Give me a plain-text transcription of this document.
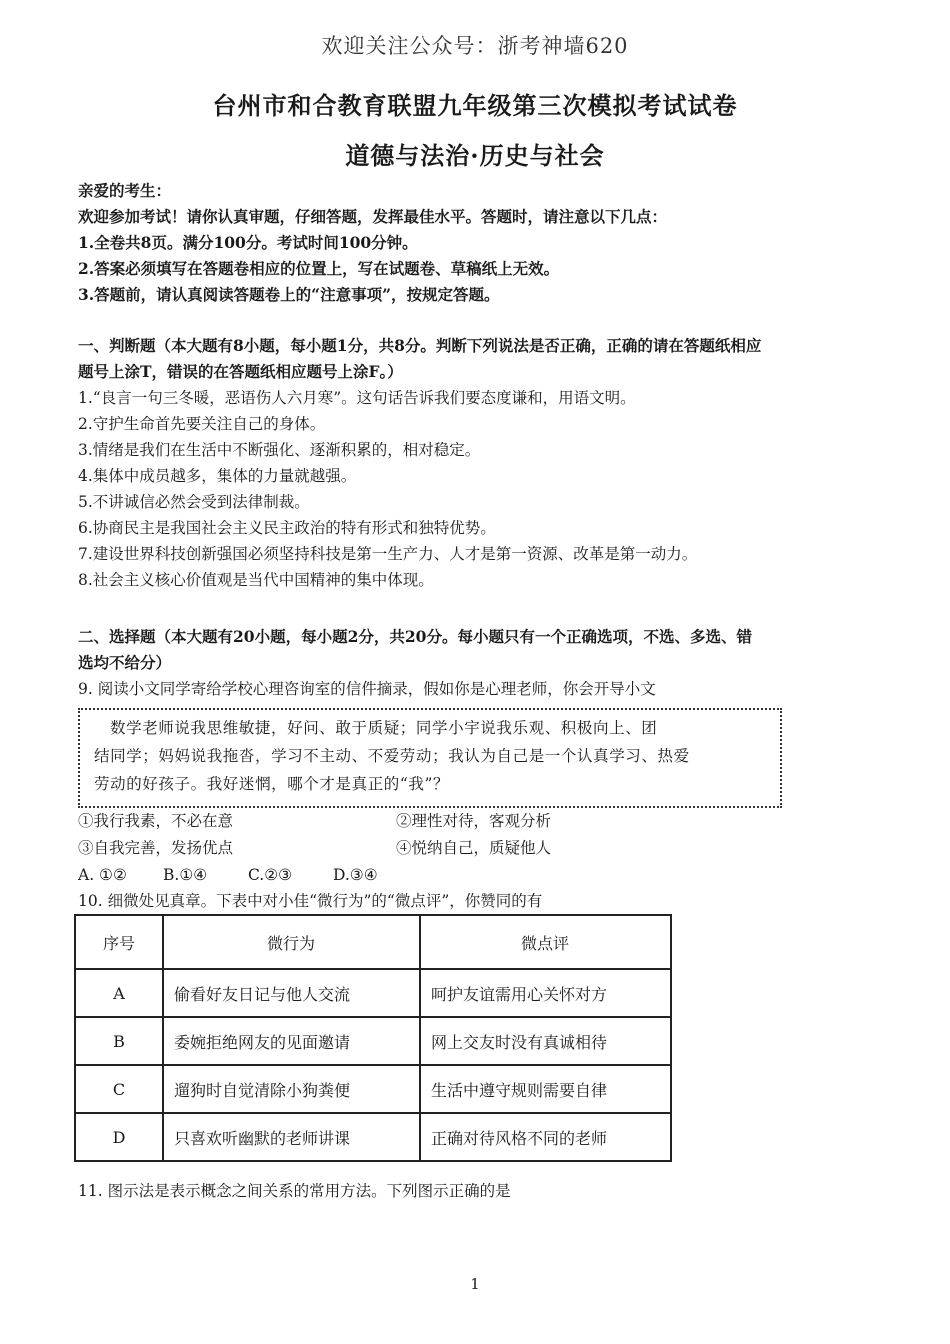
欢迎关注公众号：浙考神墙620
台州市和合教育联盟九年级第三次模拟考试试卷
道德与法治·历史与社会
亲爱的考生：
欢迎参加考试！请你认真审题，仔细答题，发挥最佳水平。答题时，请注意以下几点：
1.全卷共8页。满分100分。考试时间100分钟。
2.答案必须填写在答题卷相应的位置上，写在试题卷、草稿纸上无效。
3.答题前，请认真阅读答题卷上的“注意事项”，按规定答题。
一、判断题（本大题有8小题，每小题1分，共8分。判断下列说法是否正确，正确的请在答题纸相应
题号上涂T，错误的在答题纸相应题号上涂F。）
1.“良言一句三冬暖，恶语伤人六月寒”。这句话告诉我们要态度谦和，用语文明。
2.守护生命首先要关注自己的身体。
3.情绪是我们在生活中不断强化、逐渐积累的，相对稳定。
4.集体中成员越多，集体的力量就越强。
5.不讲诚信必然会受到法律制裁。
6.协商民主是我国社会主义民主政治的特有形式和独特优势。
7.建设世界科技创新强国必须坚持科技是第一生产力、人才是第一资源、改革是第一动力。
8.社会主义核心价值观是当代中国精神的集中体现。
二、选择题（本大题有20小题，每小题2分，共20分。每小题只有一个正确选项，不选、多选、错
选均不给分）
9. 阅读小文同学寄给学校心理咨询室的信件摘录，假如你是心理老师，你会开导小文
数学老师说我思维敏捷，好问、敢于质疑；同学小宇说我乐观、积极向上、团
结同学；妈妈说我拖沓，学习不主动、不爱劳动；我认为自己是一个认真学习、热爱
劳动的好孩子。我好迷惘，哪个才是真正的“我”？
①我行我素，不必在意	②理性对待，客观分析
③自我完善，发扬优点	④悦纳自己，质疑他人
A. ①②	B.①④	C.②③	D.③④
10. 细微处见真章。下表中对小佳“微行为”的“微点评”，你赞同的有
序号	微行为	微点评
A	偷看好友日记与他人交流	呵护友谊需用心关怀对方
B	委婉拒绝网友的见面邀请	网上交友时没有真诚相待
C	遛狗时自觉清除小狗粪便	生活中遵守规则需要自律
D	只喜欢听幽默的老师讲课	正确对待风格不同的老师
11. 图示法是表示概念之间关系的常用方法。下列图示正确的是
1
